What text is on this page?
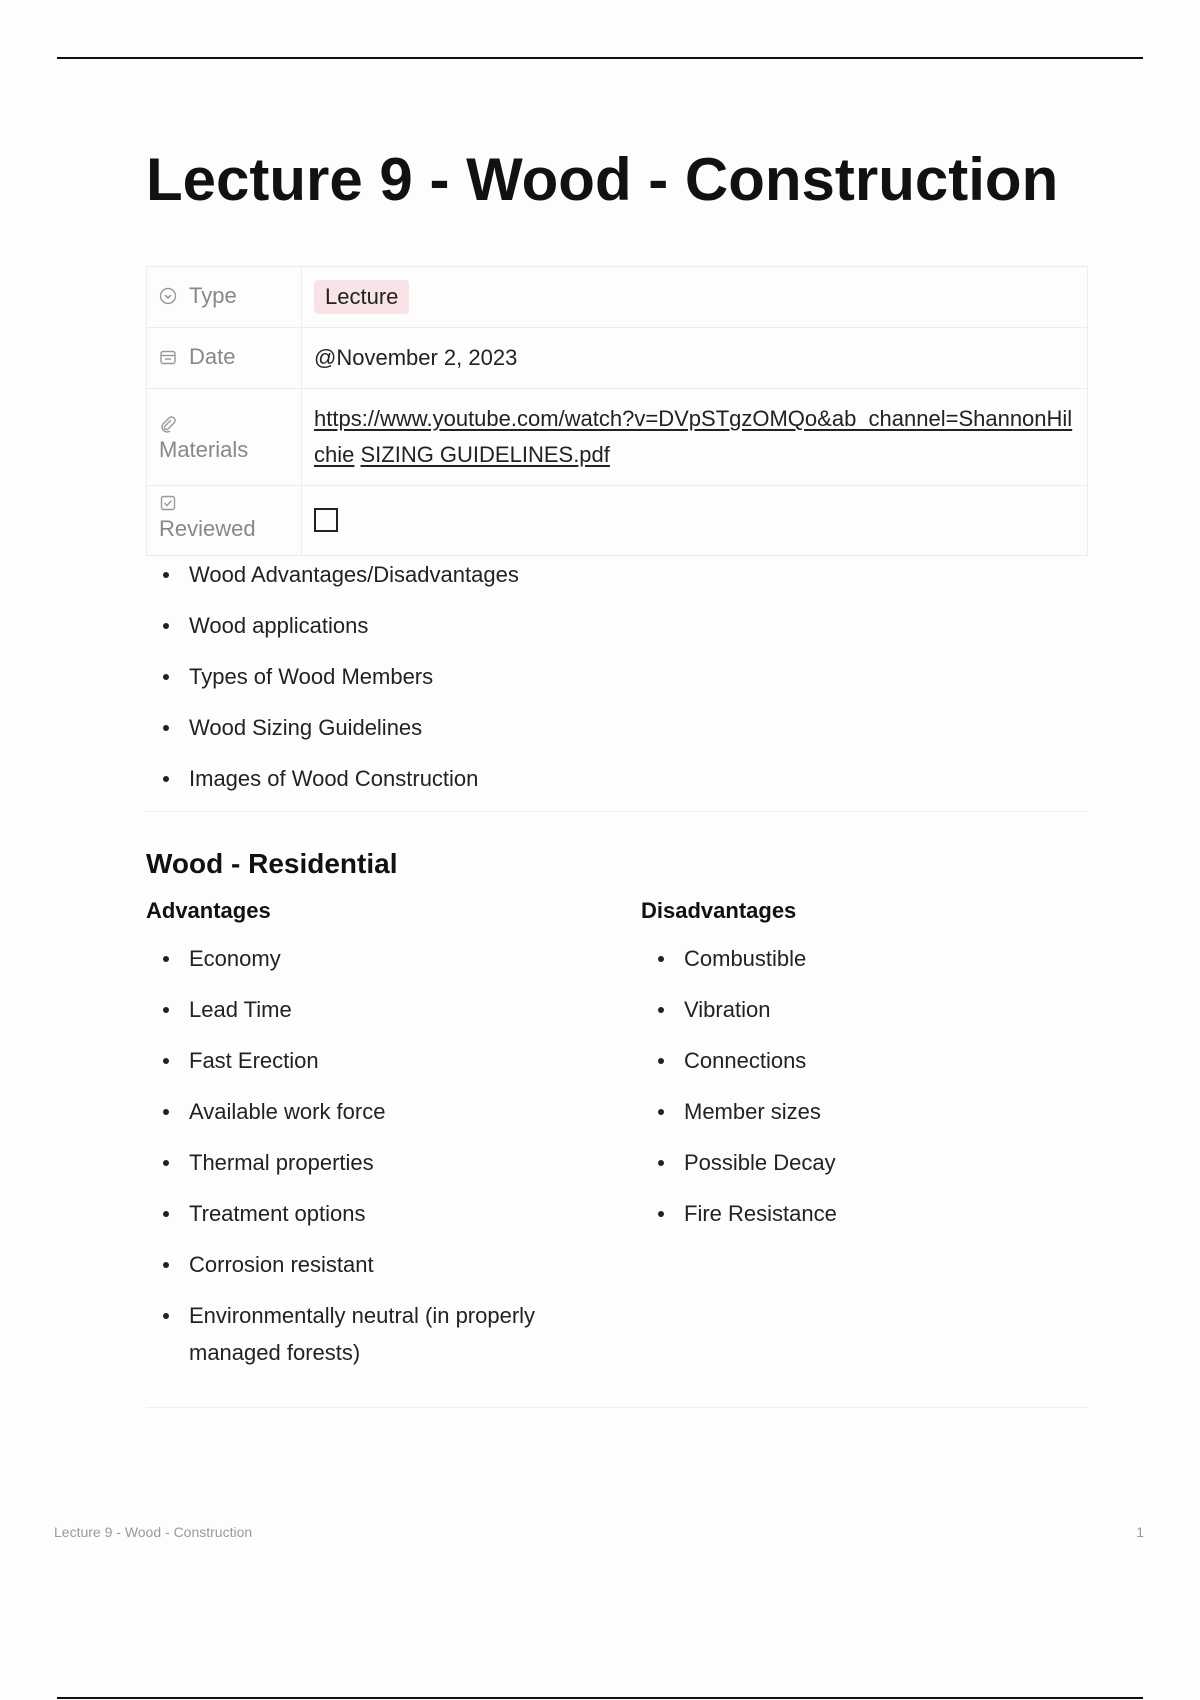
Lecture 9 - Wood - Construction
Type	Lecture

Date	@November 2, 2023

Materials	https://www.youtube.com/watch?v=DVpSTgzOMQo&ab_channel=ShannonHilchie SIZING GUIDELINES.pdf

Reviewed	
Wood Advantages/Disadvantages
Wood applications
Types of Wood Members
Wood Sizing Guidelines
Images of Wood Construction
Wood - Residential
Advantages
Economy
Lead Time
Fast Erection
Available work force
Thermal properties
Treatment options
Corrosion resistant
Environmentally neutral (in properly managed forests)
Disadvantages
Combustible
Vibration
Connections
Member sizes
Possible Decay
Fire Resistance
Lecture 9 - Wood - Construction	1
